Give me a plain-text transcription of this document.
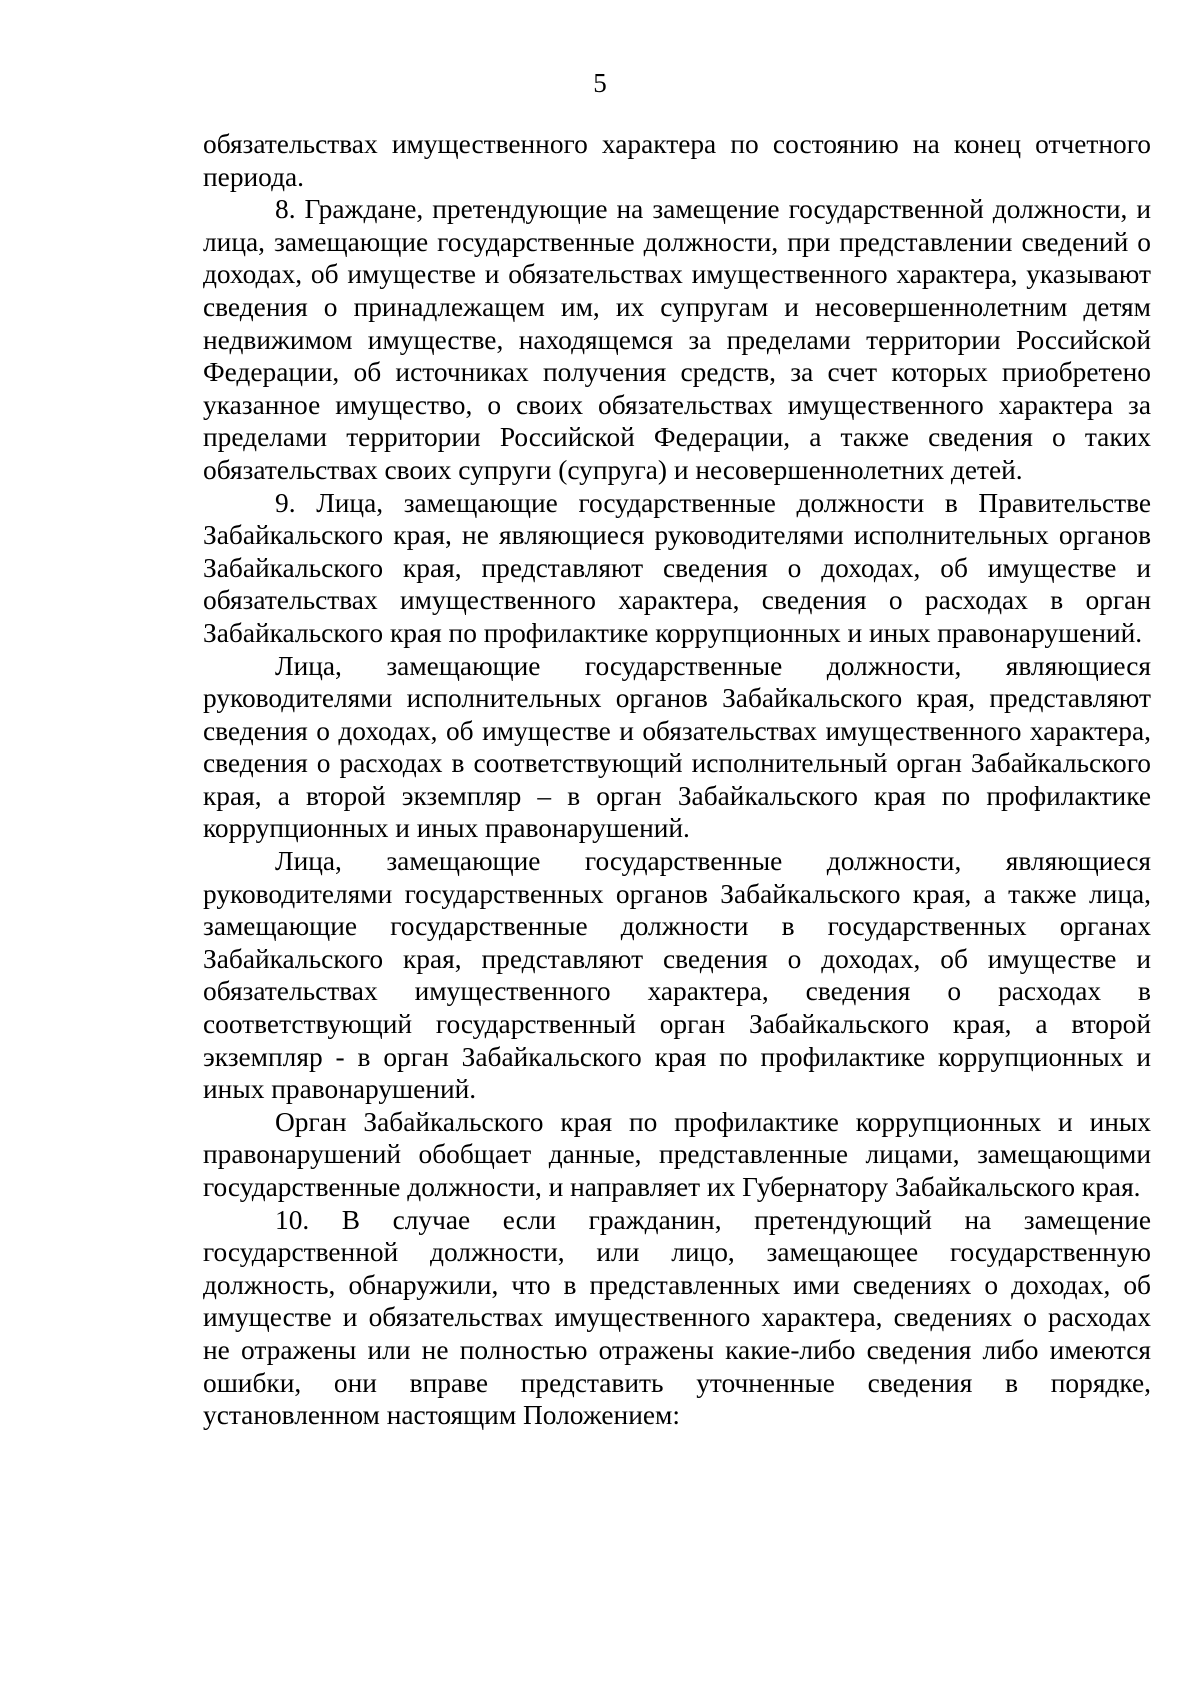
5

обязательствах имущественного характера по состоянию на конец отчетного периода.

8. Граждане, претендующие на замещение государственной должности, и лица, замещающие государственные должности, при представлении сведений о доходах, об имуществе и обязательствах имущественного характера, указывают сведения о принадлежащем им, их супругам и несовершеннолетним детям недвижимом имуществе, находящемся за пределами территории Российской Федерации, об источниках получения средств, за счет которых приобретено указанное имущество, о своих обязательствах имущественного характера за пределами территории Российской Федерации, а также сведения о таких обязательствах своих супруги (супруга) и несовершеннолетних детей.

9. Лица, замещающие государственные должности в Правительстве Забайкальского края, не являющиеся руководителями исполнительных органов Забайкальского края, представляют сведения о доходах, об имуществе и обязательствах имущественного характера, сведения о расходах в орган Забайкальского края по профилактике коррупционных и иных правонарушений.

Лица, замещающие государственные должности, являющиеся руководителями исполнительных органов Забайкальского края, представляют сведения о доходах, об имуществе и обязательствах имущественного характера, сведения о расходах в соответствующий исполнительный орган Забайкальского края, а второй экземпляр – в орган Забайкальского края по профилактике коррупционных и иных правонарушений.

Лица, замещающие государственные должности, являющиеся руководителями государственных органов Забайкальского края, а также лица, замещающие государственные должности в государственных органах Забайкальского края, представляют сведения о доходах, об имуществе и обязательствах имущественного характера, сведения о расходах в соответствующий государственный орган Забайкальского края, а второй экземпляр - в орган Забайкальского края по профилактике коррупционных и иных правонарушений.

Орган Забайкальского края по профилактике коррупционных и иных правонарушений обобщает данные, представленные лицами, замещающими государственные должности, и направляет их Губернатору Забайкальского края.

10. В случае если гражданин, претендующий на замещение государственной должности, или лицо, замещающее государственную должность, обнаружили, что в представленных ими сведениях о доходах, об имуществе и обязательствах имущественного характера, сведениях о расходах не отражены или не полностью отражены какие-либо сведения либо имеются ошибки, они вправе представить уточненные сведения в порядке, установленном настоящим Положением:
